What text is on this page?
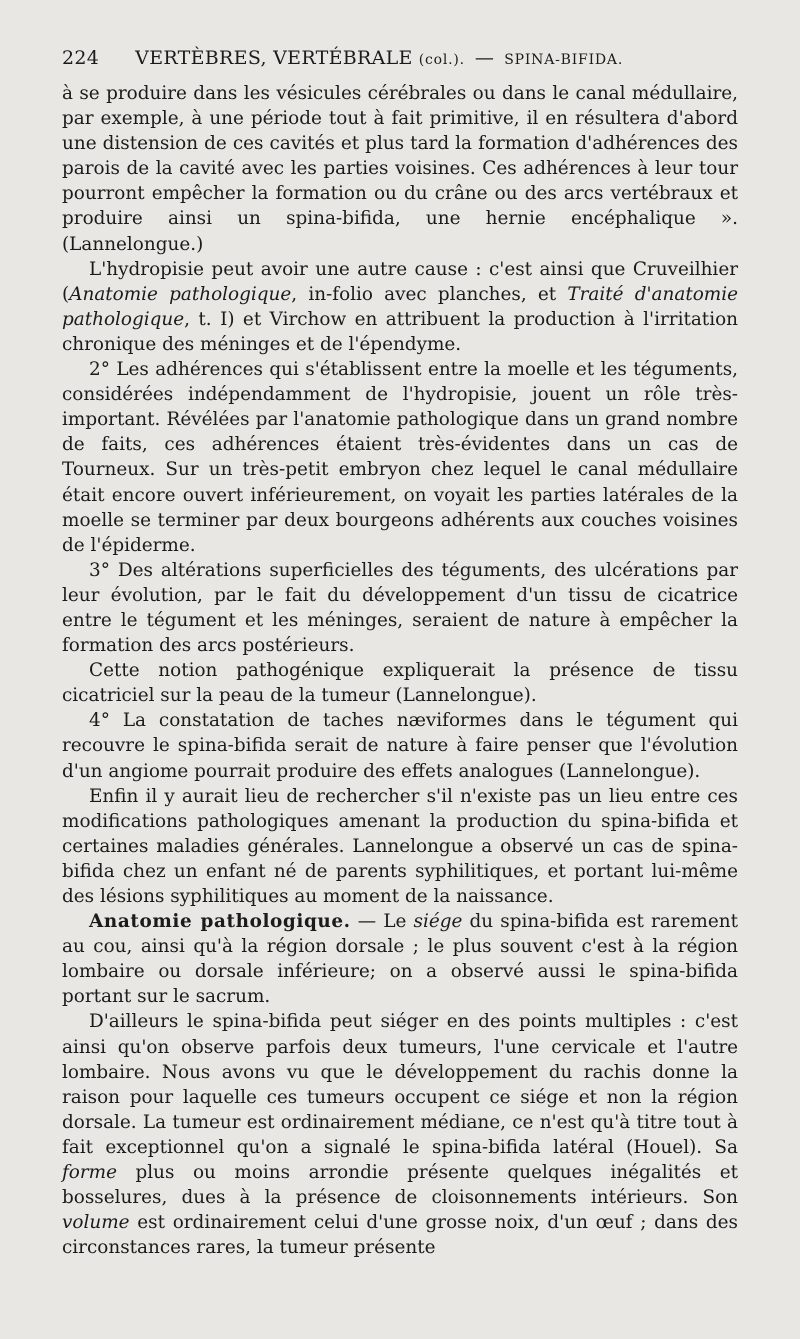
224 VERTÈBRES, VERTÉBRALE (col.). — SPINA-BIFIDA.

à se produire dans les vésicules cérébrales ou dans le canal médullaire, par exemple, à une période tout à fait primitive, il en résultera d'abord une distension de ces cavités et plus tard la formation d'adhérences des parois de la cavité avec les parties voisines. Ces adhérences à leur tour pourront empêcher la formation ou du crâne ou des arcs vertébraux et produire ainsi un spina-bifida, une hernie encéphalique ». (Lannelongue.)

L'hydropisie peut avoir une autre cause : c'est ainsi que Cruveilhier (Anatomie pathologique, in-folio avec planches, et Traité d'anatomie pathologique, t. I) et Virchow en attribuent la production à l'irritation chronique des méninges et de l'épendyme.

2° Les adhérences qui s'établissent entre la moelle et les téguments, considérées indépendamment de l'hydropisie, jouent un rôle très-important. Révélées par l'anatomie pathologique dans un grand nombre de faits, ces adhérences étaient très-évidentes dans un cas de Tourneux. Sur un très-petit embryon chez lequel le canal médullaire était encore ouvert inférieurement, on voyait les parties latérales de la moelle se terminer par deux bourgeons adhérents aux couches voisines de l'épiderme.

3° Des altérations superficielles des téguments, des ulcérations par leur évolution, par le fait du développement d'un tissu de cicatrice entre le tégument et les méninges, seraient de nature à empêcher la formation des arcs postérieurs.

Cette notion pathogénique expliquerait la présence de tissu cicatriciel sur la peau de la tumeur (Lannelongue).

4° La constatation de taches næviformes dans le tégument qui recouvre le spina-bifida serait de nature à faire penser que l'évolution d'un angiome pourrait produire des effets analogues (Lannelongue).

Enfin il y aurait lieu de rechercher s'il n'existe pas un lieu entre ces modifications pathologiques amenant la production du spina-bifida et certaines maladies générales. Lannelongue a observé un cas de spina-bifida chez un enfant né de parents syphilitiques, et portant lui-même des lésions syphilitiques au moment de la naissance.

Anatomie pathologique. — Le siége du spina-bifida est rarement au cou, ainsi qu'à la région dorsale ; le plus souvent c'est à la région lombaire ou dorsale inférieure; on a observé aussi le spina-bifida portant sur le sacrum.

D'ailleurs le spina-bifida peut siéger en des points multiples : c'est ainsi qu'on observe parfois deux tumeurs, l'une cervicale et l'autre lombaire. Nous avons vu que le développement du rachis donne la raison pour laquelle ces tumeurs occupent ce siége et non la région dorsale. La tumeur est ordinairement médiane, ce n'est qu'à titre tout à fait exceptionnel qu'on a signalé le spina-bifida latéral (Houel). Sa forme plus ou moins arrondie présente quelques inégalités et bosselures, dues à la présence de cloisonnements intérieurs. Son volume est ordinairement celui d'une grosse noix, d'un œuf ; dans des circonstances rares, la tumeur présente
